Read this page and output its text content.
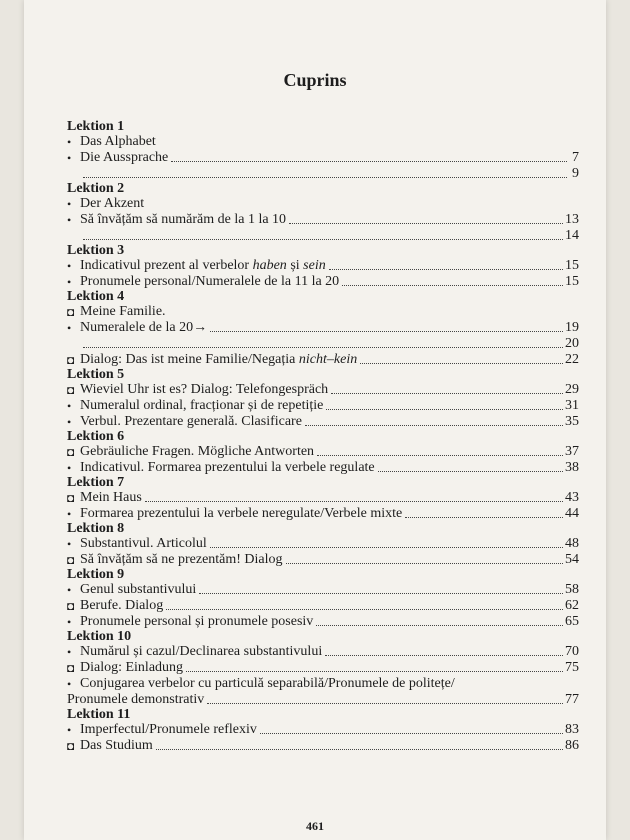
Cuprins
Lektion 1
• Das Alphabet
• Die Aussprache	7
9
Lektion 2
• Der Akzent
• Să învățăm să numărăm de la 1 la 10	13
14
Lektion 3
• Indicativul prezent al verbelor haben și sein	15
• Pronumele personal/Numeralele de la 11 la 20	15
Lektion 4
◘ Meine Familie.
• Numeralele de la 20→	19
20
◘ Dialog: Das ist meine Familie/Negația nicht–kein	22
Lektion 5
◘ Wieviel Uhr ist es? Dialog: Telefongespräch	29
• Numeralul ordinal, fracționar și de repetiție	31
• Verbul. Prezentare generală. Clasificare	35
Lektion 6
◘ Gebräuliche Fragen. Mögliche Antworten	37
• Indicativul. Formarea prezentului la verbele regulate	38
Lektion 7
◘ Mein Haus	43
• Formarea prezentului la verbele neregulate/Verbele mixte	44
Lektion 8
• Substantivul. Articolul	48
◘ Să învățăm să ne prezentăm! Dialog	54
Lektion 9
• Genul substantivului	58
◘ Berufe. Dialog	62
• Pronumele personal și pronumele posesiv	65
Lektion 10
• Numărul și cazul/Declinarea substantivului	70
◘ Dialog: Einladung	75
• Conjugarea verbelor cu particulă separabilă/Pronumele de politețe/
Pronumele demonstrativ	77
Lektion 11
• Imperfectul/Pronumele reflexiv	83
◘ Das Studium	86
461
